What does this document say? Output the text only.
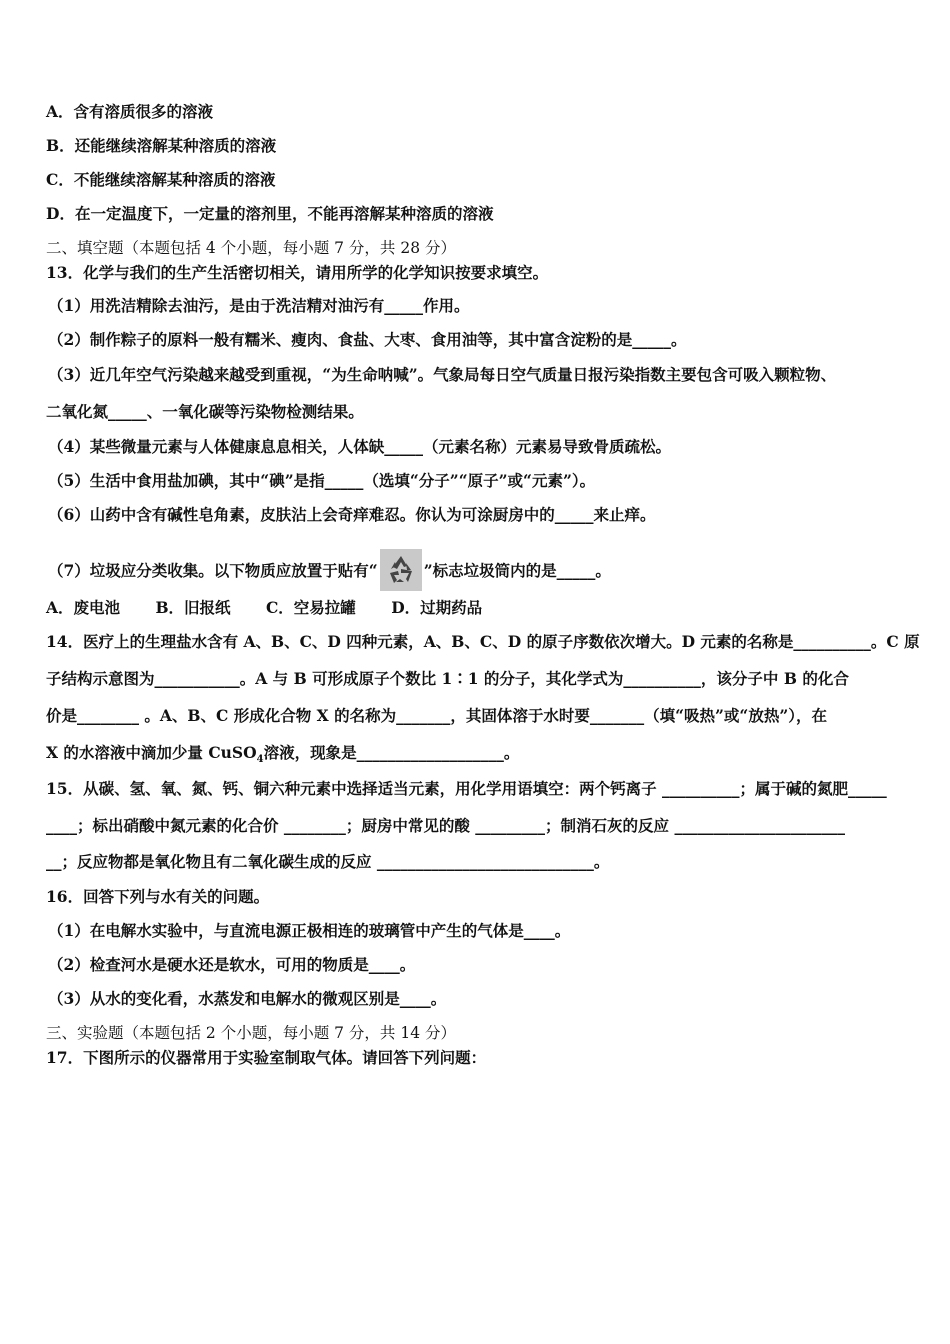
A．含有溶质很多的溶液
B．还能继续溶解某种溶质的溶液
C．不能继续溶解某种溶质的溶液
D．在一定温度下，一定量的溶剂里，不能再溶解某种溶质的溶液
二、填空题（本题包括 4 个小题，每小题 7 分，共 28 分）
13．化学与我们的生产生活密切相关，请用所学的化学知识按要求填空。
（1）用洗洁精除去油污，是由于洗洁精对油污有_____作用。
（2）制作粽子的原料一般有糯米、瘦肉、食盐、大枣、食用油等，其中富含淀粉的是_____。
（3）近几年空气污染越来越受到重视，“为生命呐喊”。气象局每日空气质量日报污染指数主要包含可吸入颗粒物、
二氧化氮_____、一氧化碳等污染物检测结果。
（4）某些微量元素与人体健康息息相关，人体缺_____（元素名称）元素易导致骨质疏松。
（5）生活中食用盐加碘，其中“碘”是指_____（选填“分子”“原子”或“元素”）。
（6）山药中含有碱性皂角素，皮肤沾上会奇痒难忍。你认为可涂厨房中的_____来止痒。
（7）垃圾应分类收集。以下物质应放置于贴有“	”标志垃圾筒内的是_____。
A．废电池 B．旧报纸 C．空易拉罐 D．过期药品
14．医疗上的生理盐水含有 A、B、C、D 四种元素，A、B、C、D 的原子序数依次增大。D 元素的名称是__________。C 原
子结构示意图为___________。A 与 B 可形成原子个数比 1∶1 的分子，其化学式为__________，该分子中 B 的化合
价是________ 。A、B、C 形成化合物 X 的名称为_______，其固体溶于水时要_______（填“吸热”或“放热”），在
X 的水溶液中滴加少量 CuSO$_4$溶液，现象是___________________。
15．从碳、氢、氧、氮、钙、铜六种元素中选择适当元素，用化学用语填空：两个钙离子 __________；属于碱的氮肥_____
____；标出硝酸中氮元素的化合价 ________；厨房中常见的酸 _________；制消石灰的反应 ______________________
__；反应物都是氧化物且有二氧化碳生成的反应 ____________________________。
16．回答下列与水有关的问题。
（1）在电解水实验中，与直流电源正极相连的玻璃管中产生的气体是____。
（2）检查河水是硬水还是软水，可用的物质是____。
（3）从水的变化看，水蒸发和电解水的微观区别是____。
三、实验题（本题包括 2 个小题，每小题 7 分，共 14 分）
17．下图所示的仪器常用于实验室制取气体。请回答下列问题：
